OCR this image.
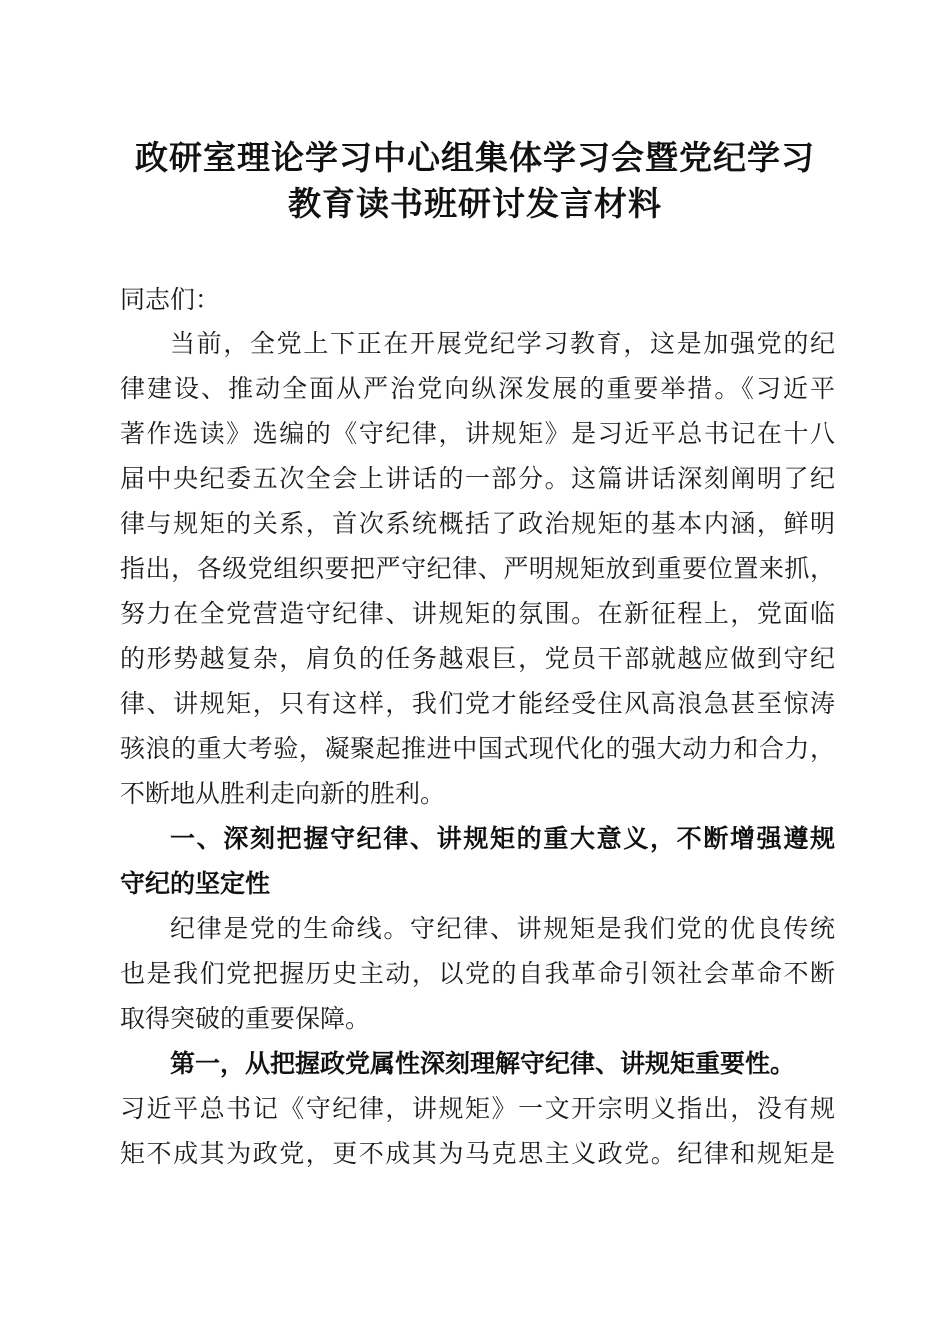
政研室理论学习中心组集体学习会暨党纪学习
教育读书班研讨发言材料
同志们：
当前，全党上下正在开展党纪学习教育，这是加强党的纪
律建设、推动全面从严治党向纵深发展的重要举措。《习近平
著作选读》选编的《守纪律，讲规矩》是习近平总书记在十八
届中央纪委五次全会上讲话的一部分。这篇讲话深刻阐明了纪
律与规矩的关系，首次系统概括了政治规矩的基本内涵，鲜明
指出，各级党组织要把严守纪律、严明规矩放到重要位置来抓，
努力在全党营造守纪律、讲规矩的氛围。在新征程上，党面临
的形势越复杂，肩负的任务越艰巨，党员干部就越应做到守纪
律、讲规矩，只有这样，我们党才能经受住风高浪急甚至惊涛
骇浪的重大考验，凝聚起推进中国式现代化的强大动力和合力，
不断地从胜利走向新的胜利。
一、深刻把握守纪律、讲规矩的重大意义，不断增强遵规
守纪的坚定性
纪律是党的生命线。守纪律、讲规矩是我们党的优良传统
也是我们党把握历史主动，以党的自我革命引领社会革命不断
取得突破的重要保障。
第一，从把握政党属性深刻理解守纪律、讲规矩重要性。
习近平总书记《守纪律，讲规矩》一文开宗明义指出，没有规
矩不成其为政党，更不成其为马克思主义政党。纪律和规矩是
